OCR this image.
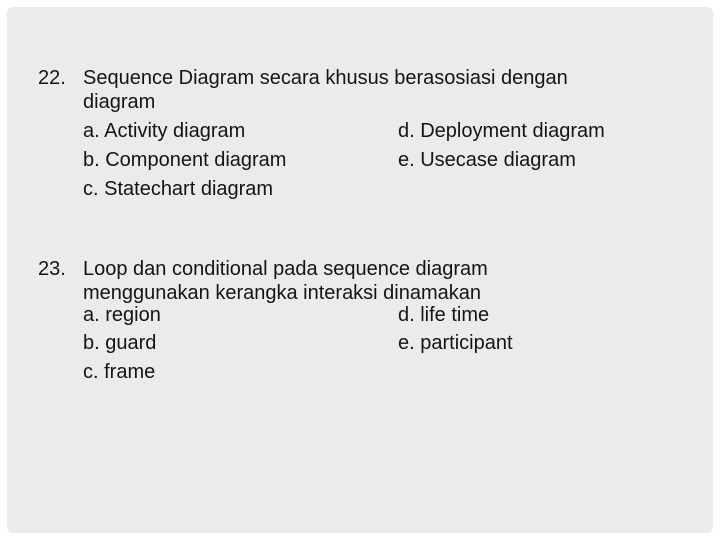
22. Sequence Diagram secara khusus berasosiasi dengan
diagram
a. Activity diagram	d. Deployment diagram
b. Component diagram	e. Usecase diagram
c. Statechart diagram
23. Loop dan conditional pada sequence diagram
menggunakan kerangka interaksi dinamakan
a. region	d. life time
b. guard	e. participant
c. frame
